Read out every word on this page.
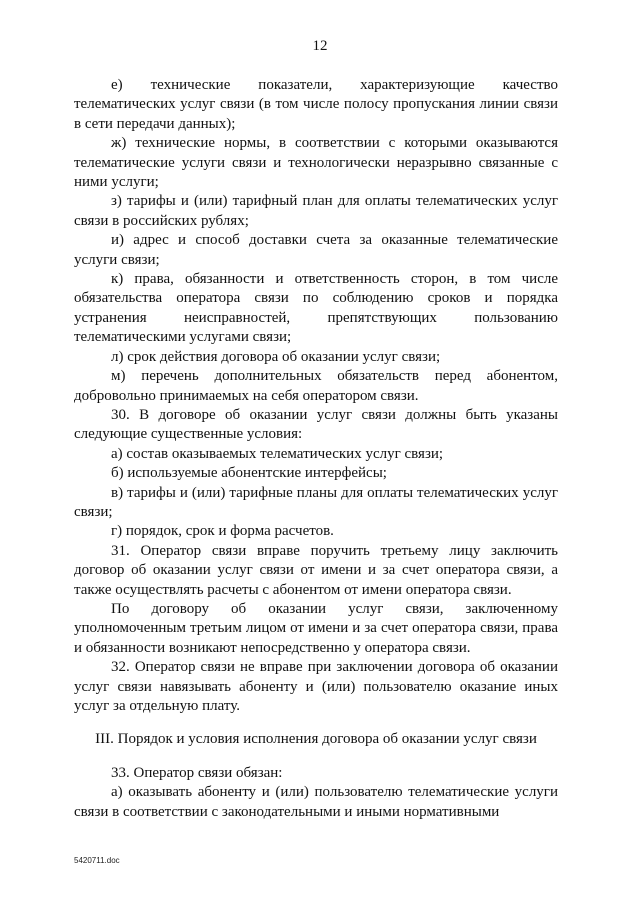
12

е) технические показатели, характеризующие качество телематических услуг связи (в том числе полосу пропускания линии связи в сети передачи данных);

ж) технические нормы, в соответствии с которыми оказываются телематические услуги связи и технологически неразрывно связанные с ними услуги;

з) тарифы и (или) тарифный план для оплаты телематических услуг связи в российских рублях;

и) адрес и способ доставки счета за оказанные телематические услуги связи;

к) права, обязанности и ответственность сторон, в том числе обязательства оператора связи по соблюдению сроков и порядка устранения неисправностей, препятствующих пользованию телематическими услугами связи;

л) срок действия договора об оказании услуг связи;

м) перечень дополнительных обязательств перед абонентом, добровольно принимаемых на себя оператором связи.

30. В договоре об оказании услуг связи должны быть указаны следующие существенные условия:

а) состав оказываемых телематических услуг связи;

б) используемые абонентские интерфейсы;

в) тарифы и (или) тарифные планы для оплаты телематических услуг связи;

г) порядок, срок и форма расчетов.

31. Оператор связи вправе поручить третьему лицу заключить договор об оказании услуг связи от имени и за счет оператора связи, а также осуществлять расчеты с абонентом от имени оператора связи.

По договору об оказании услуг связи, заключенному уполномоченным третьим лицом от имени и за счет оператора связи, права и обязанности возникают непосредственно у оператора связи.

32. Оператор связи не вправе при заключении договора об оказании услуг связи навязывать абоненту и (или) пользователю оказание иных услуг за отдельную плату.

III. Порядок и условия исполнения договора об оказании услуг связи

33. Оператор связи обязан:

а) оказывать абоненту и (или) пользователю телематические услуги связи в соответствии с законодательными и иными нормативными

5420711.doc
